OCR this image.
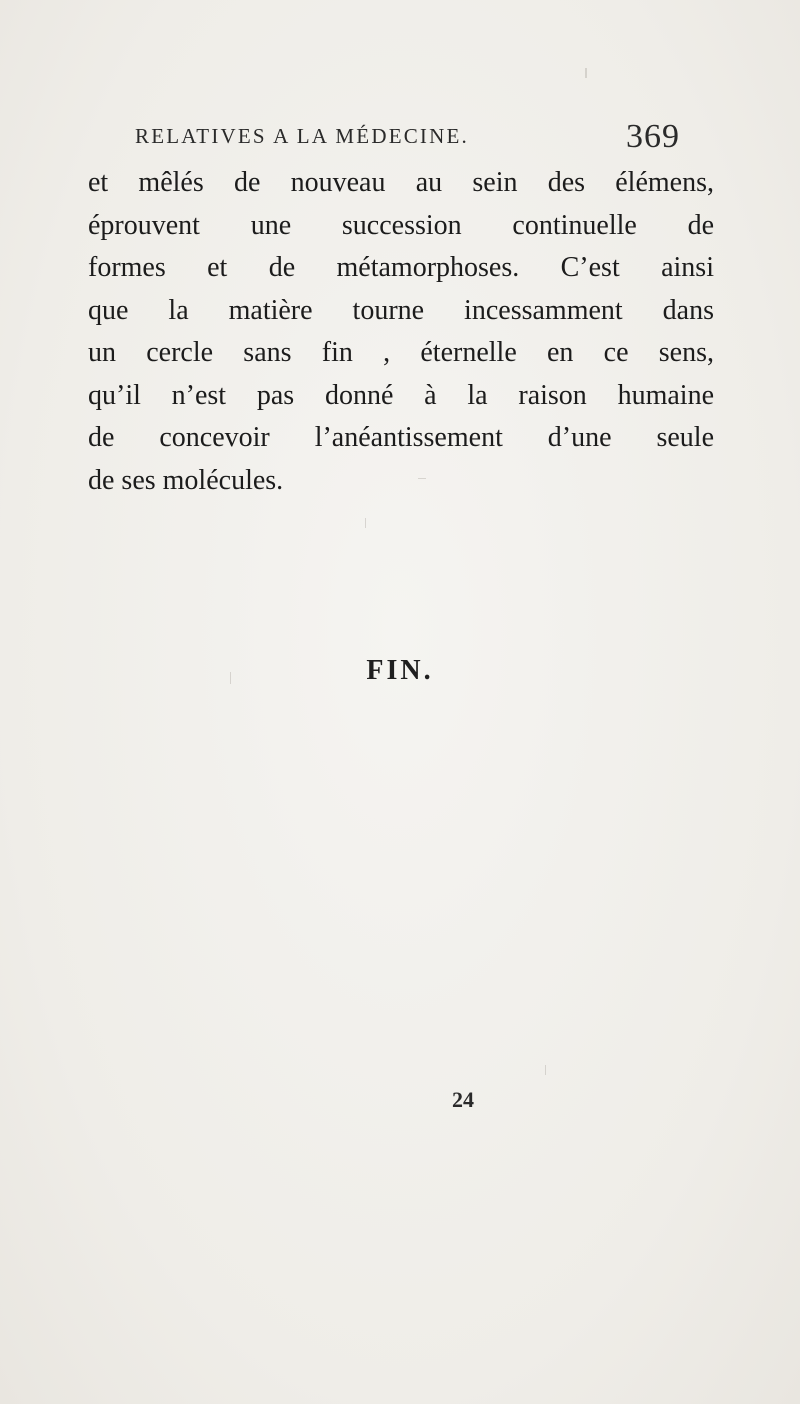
RELATIVES A LA MÉDECINE.	369
et mêlés de nouveau au sein des élémens,
éprouvent une succession continuelle de
formes et de métamorphoses. C’est ainsi
que la matière tourne incessamment dans
un cercle sans fin , éternelle en ce sens,
qu’il n’est pas donné à la raison humaine
de concevoir l’anéantissement d’une seule
de ses molécules.
FIN.
24
